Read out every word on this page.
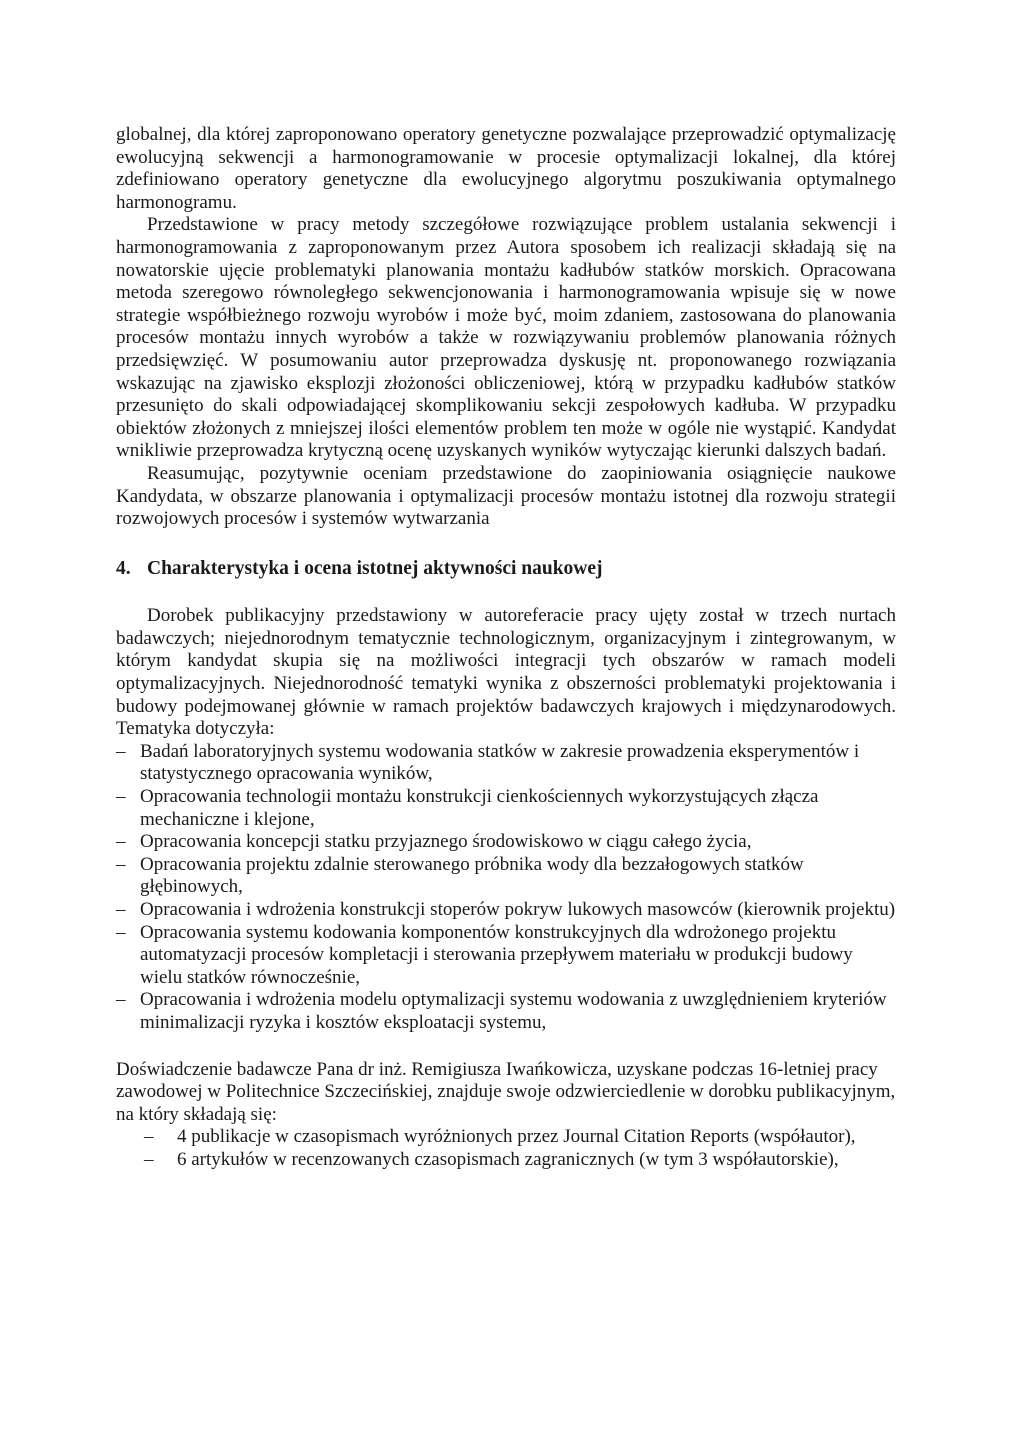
globalnej, dla której zaproponowano operatory genetyczne pozwalające przeprowadzić optymalizację ewolucyjną sekwencji a harmonogramowanie w procesie optymalizacji lokalnej, dla której zdefiniowano operatory genetyczne dla ewolucyjnego algorytmu poszukiwania optymalnego harmonogramu.

Przedstawione w pracy metody szczegółowe rozwiązujące problem ustalania sekwencji i harmonogramowania z zaproponowanym przez Autora sposobem ich realizacji składają się na nowatorskie ujęcie problematyki planowania montażu kadłubów statków morskich. Opracowana metoda szeregowo równoległego sekwencjonowania i harmonogramowania wpisuje się w nowe strategie współbieżnego rozwoju wyrobów i może być, moim zdaniem, zastosowana do planowania procesów montażu innych wyrobów a także w rozwiązywaniu problemów planowania różnych przedsięwzięć. W posumowaniu autor przeprowadza dyskusję nt. proponowanego rozwiązania wskazując na zjawisko eksplozji złożoności obliczeniowej, którą w przypadku kadłubów statków przesunięto do skali odpowiadającej skomplikowaniu sekcji zespołowych kadłuba. W przypadku obiektów złożonych z mniejszej ilości elementów problem ten może w ogóle nie wystąpić. Kandydat wnikliwie przeprowadza krytyczną ocenę uzyskanych wyników wytyczając kierunki dalszych badań.

Reasumując, pozytywnie oceniam przedstawione do zaopiniowania osiągnięcie naukowe Kandydata, w obszarze planowania i optymalizacji procesów montażu istotnej dla rozwoju strategii rozwojowych procesów i systemów wytwarzania

4. Charakterystyka i ocena istotnej aktywności naukowej

Dorobek publikacyjny przedstawiony w autoreferacie pracy ujęty został w trzech nurtach badawczych; niejednorodnym tematycznie technologicznym, organizacyjnym i zintegrowanym, w którym kandydat skupia się na możliwości integracji tych obszarów w ramach modeli optymalizacyjnych. Niejednorodność tematyki wynika z obszerności problematyki projektowania i budowy podejmowanej głównie w ramach projektów badawczych krajowych i międzynarodowych. Tematyka dotyczyła:

– Badań laboratoryjnych systemu wodowania statków w zakresie prowadzenia eksperymentów i statystycznego opracowania wyników,
– Opracowania technologii montażu konstrukcji cienkościennych wykorzystujących złącza mechaniczne i klejone,
– Opracowania koncepcji statku przyjaznego środowiskowo w ciągu całego życia,
– Opracowania projektu zdalnie sterowanego próbnika wody dla bezzałogowych statków głębinowych,
– Opracowania i wdrożenia konstrukcji stoperów pokryw lukowych masowców (kierownik projektu)
– Opracowania systemu kodowania komponentów konstrukcyjnych dla wdrożonego projektu automatyzacji procesów kompletacji i sterowania przepływem materiału w produkcji budowy wielu statków równocześnie,
– Opracowania i wdrożenia modelu optymalizacji systemu wodowania z uwzględnieniem kryteriów minimalizacji ryzyka i kosztów eksploatacji systemu,

Doświadczenie badawcze Pana dr inż. Remigiusza Iwańkowicza, uzyskane podczas 16-letniej pracy zawodowej w Politechnice Szczecińskiej, znajduje swoje odzwierciedlenie w dorobku publikacyjnym, na który składają się:

–	4 publikacje w czasopismach wyróżnionych przez Journal Citation Reports (współautor),
–	6 artykułów w recenzowanych czasopismach zagranicznych (w tym 3 współautorskie),
